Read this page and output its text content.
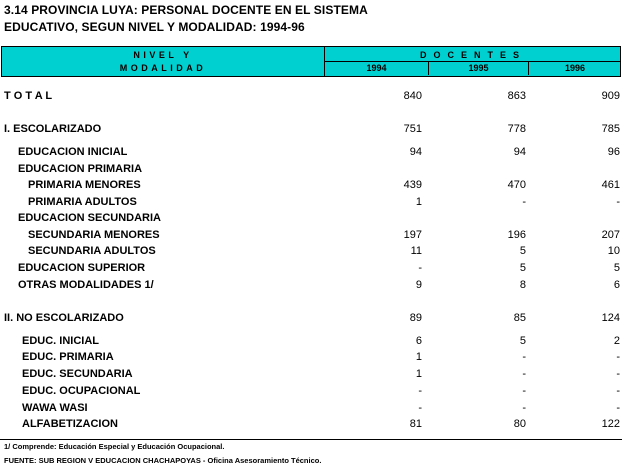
3.14 PROVINCIA LUYA: PERSONAL DOCENTE EN EL SISTEMA
EDUCATIVO, SEGUN NIVEL Y MODALIDAD: 1994-96
NIVEL Y
MODALIDAD
DOCENTES
1994	1995	1996
T O T A L	840	863	909
I. ESCOLARIZADO	751	778	785
EDUCACION INICIAL	94	94	96
EDUCACION PRIMARIA
PRIMARIA MENORES	439	470	461
PRIMARIA ADULTOS	1	-	-
EDUCACION SECUNDARIA
SECUNDARIA MENORES	197	196	207
SECUNDARIA ADULTOS	11	5	10
EDUCACION SUPERIOR	-	5	5
OTRAS MODALIDADES 1/	9	8	6
II. NO ESCOLARIZADO	89	85	124
EDUC. INICIAL	6	5	2
EDUC. PRIMARIA	1	-	-
EDUC. SECUNDARIA	1	-	-
EDUC. OCUPACIONAL	-	-	-
WAWA WASI	-	-	-
ALFABETIZACION	81	80	122
1/ Comprende: Educación Especial y Educación Ocupacional.
FUENTE: SUB REGION V EDUCACION CHACHAPOYAS - Oficina Asesoramiento Técnico.
